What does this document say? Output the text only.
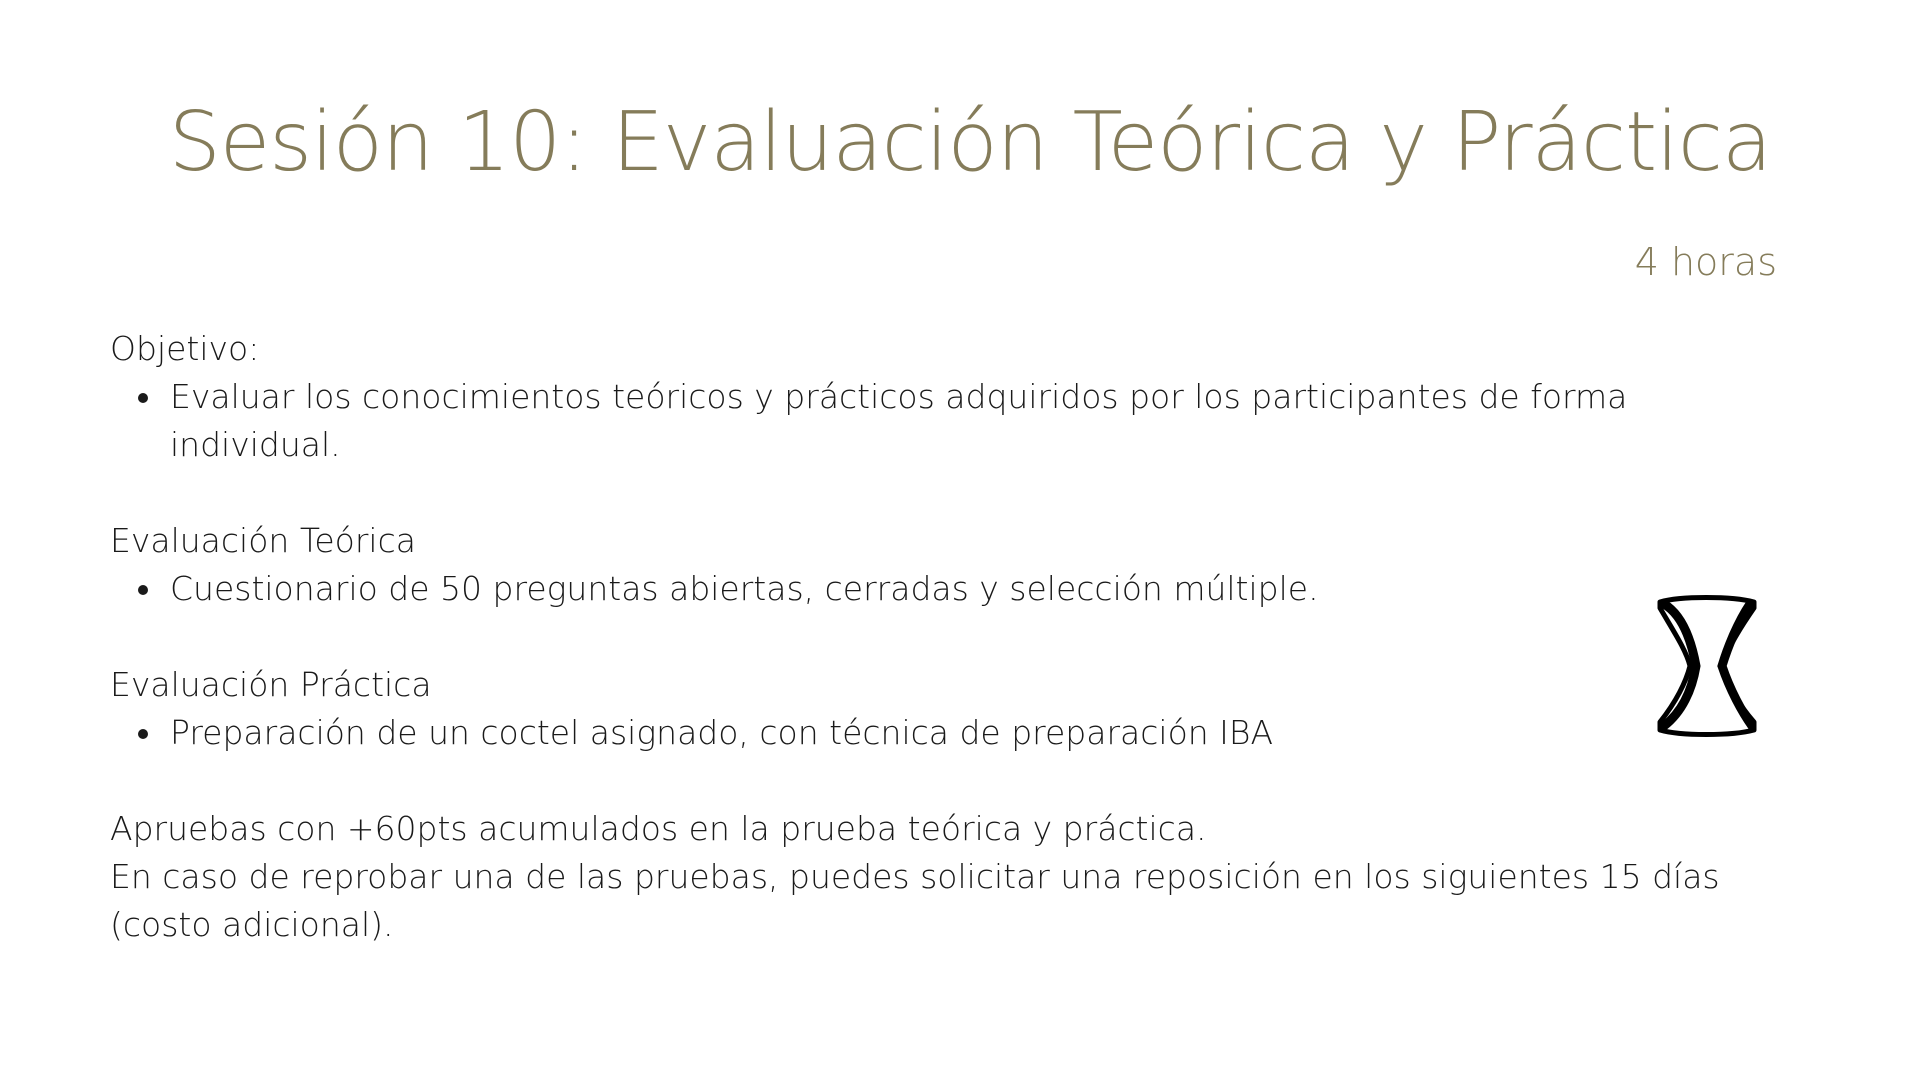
Sesión 10: Evaluación Teórica y Práctica
4 horas

Objetivo:

Evaluar los conocimientos teóricos y prácticos adquiridos por los participantes de forma individual.

Evaluación Teórica

Cuestionario de 50 preguntas abiertas, cerradas y selección múltiple.

Evaluación Práctica

Preparación de un coctel asignado, con técnica de preparación IBA

Apruebas con +60pts acumulados en la prueba teórica y práctica.

En caso de reprobar una de las pruebas, puedes solicitar una reposición en los siguientes 15 días (costo adicional).
